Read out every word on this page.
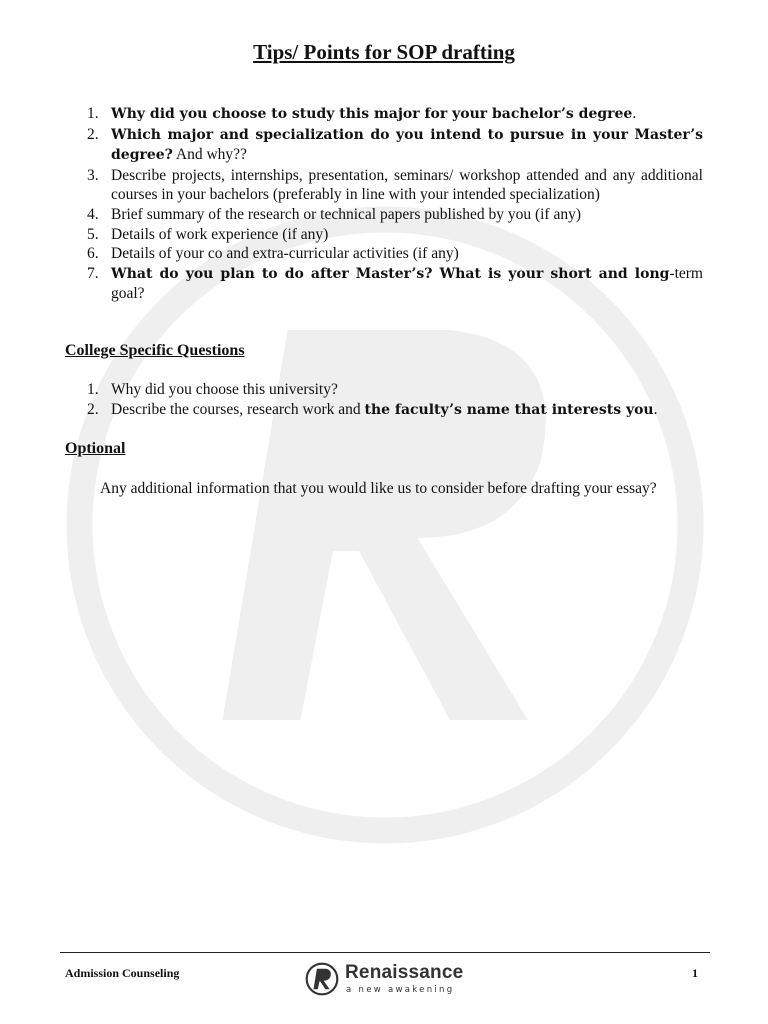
Tips/ Points for SOP drafting
1. Why did you choose to study this major for your bachelor’s degree.
2. Which major and specialization do you intend to pursue in your Master’s degree? And why??
3. Describe projects, internships, presentation, seminars/ workshop attended and any additional courses in your bachelors (preferably in line with your intended specialization)
4. Brief summary of the research or technical papers published by you (if any)
5. Details of work experience (if any)
6. Details of your co and extra-curricular activities (if any)
7. What do you plan to do after Master’s? What is your short and long-term goal?
College Specific Questions
1. Why did you choose this university?
2. Describe the courses, research work and the faculty’s name that interests you.
Optional
Any additional information that you would like us to consider before drafting your essay?
Admission Counseling	Renaissance
a new awakening
1
